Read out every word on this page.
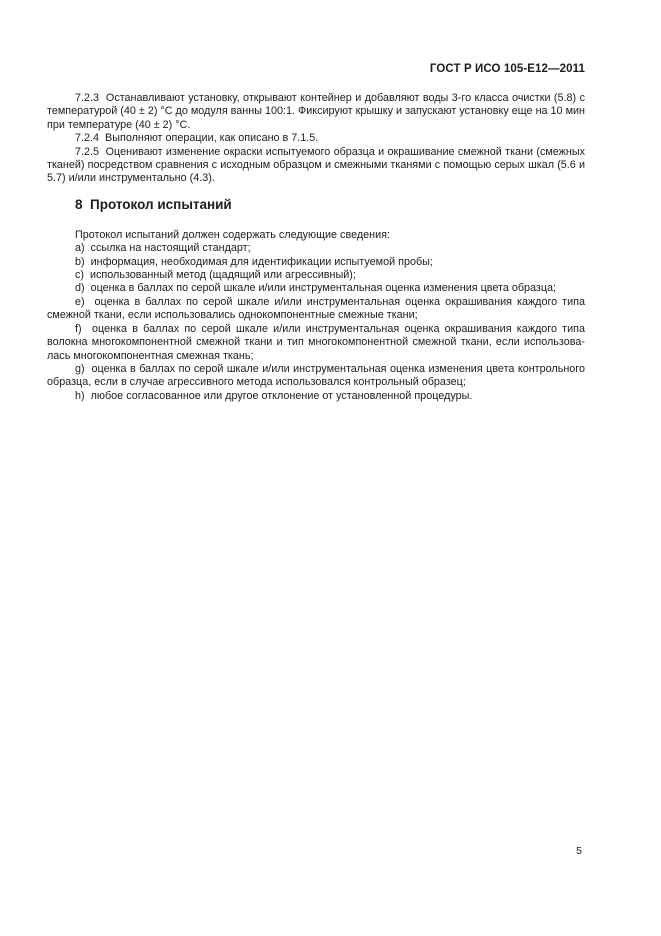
ГОСТ Р ИСО 105-Е12—2011

7.2.3  Останавливают установку, открывают контейнер и добавляют воды 3-го класса очистки (5.8) с температурой (40 ± 2) °С до модуля ванны 100:1. Фиксируют крышку и запускают установку еще на 10 мин при температуре (40 ± 2) °С.

7.2.4  Выполняют операции, как описано в 7.1.5.

7.2.5  Оценивают изменение окраски испытуемого образца и окрашивание смежной ткани (смежных тканей) посредством сравнения с исходным образцом и смежными тканями с помощью серых шкал (5.6 и 5.7) и/или инструментально (4.3).

8  Протокол испытаний

Протокол испытаний должен содержать следующие сведения:

a)  ссылка на настоящий стандарт;

b)  информация, необходимая для идентификации испытуемой пробы;

c)  использованный метод (щадящий или агрессивный);

d)  оценка в баллах по серой шкале и/или инструментальная оценка изменения цвета образца;

e)  оценка в баллах по серой шкале и/или инструментальная оценка окрашивания каждого типа смежной ткани, если использовались однокомпонентные смежные ткани;

f)  оценка в баллах по серой шкале и/или инструментальная оценка окрашивания каждого типа волокна многокомпонентной смежной ткани и тип многокомпонентной смежной ткани, если использовалась многокомпонентная смежная ткань;

g)  оценка в баллах по серой шкале и/или инструментальная оценка изменения цвета контрольного образца, если в случае агрессивного метода использовался контрольный образец;

h)  любое согласованное или другое отклонение от установленной процедуры.

5
